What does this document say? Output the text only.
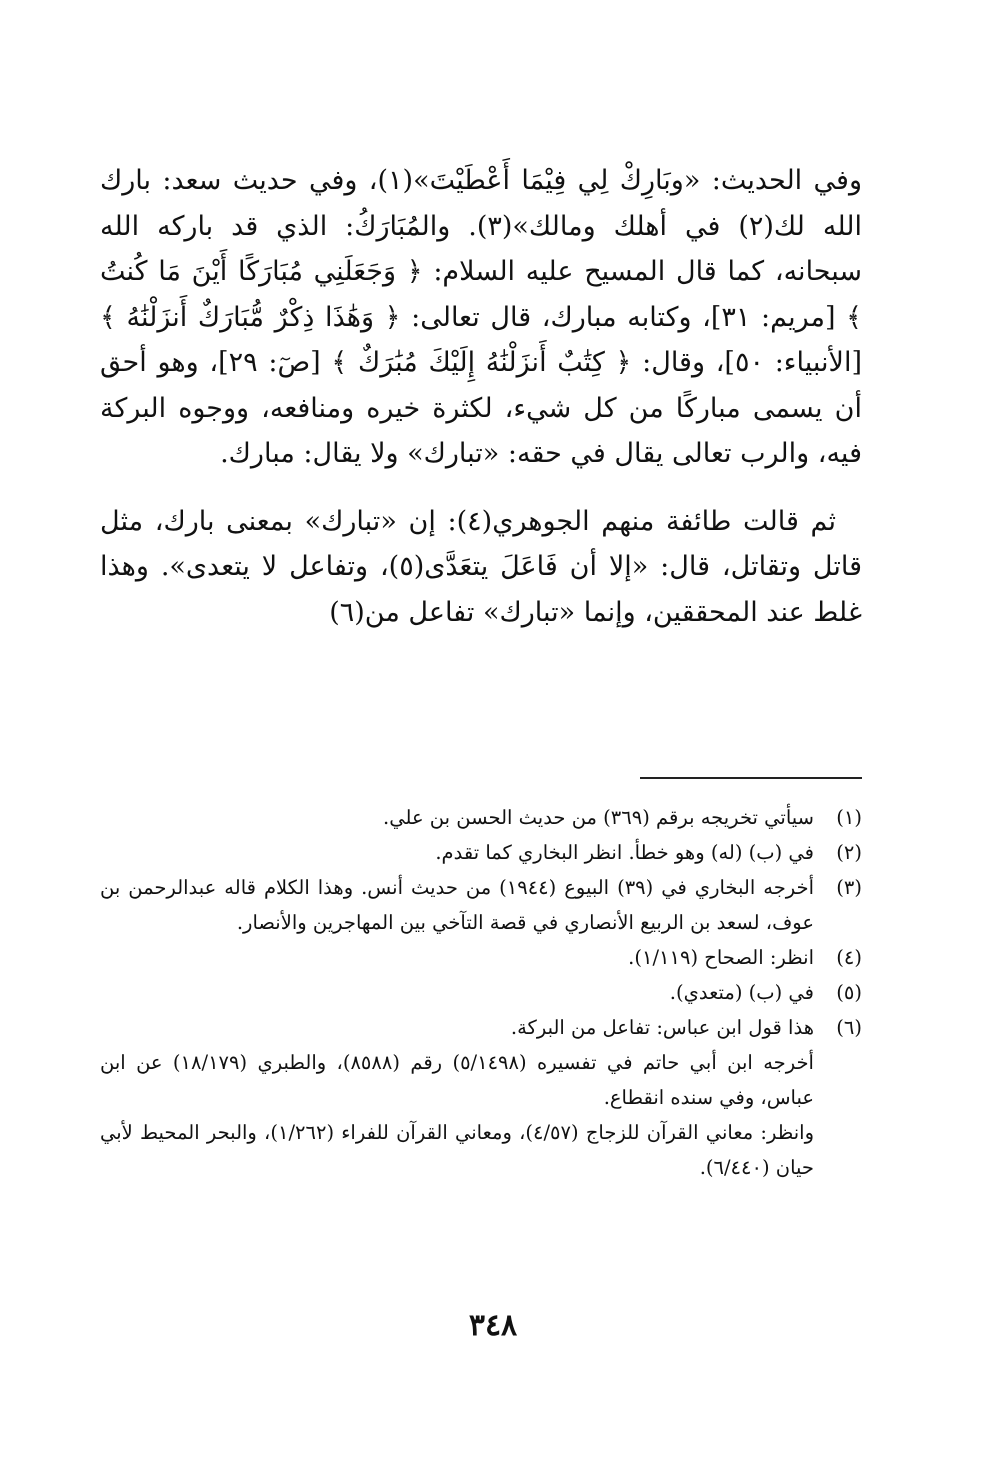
وفي الحديث: «وبَارِكْ لِي فِيْمَا أَعْطَيْتَ»(١)، وفي حديث سعد: بارك الله لك(٢) في أهلك ومالك»(٣). والمُبَارَكُ: الذي قد باركه الله سبحانه، كما قال المسيح عليه السلام: ﴿ وَجَعَلَنِي مُبَارَكًا أَيْنَ مَا كُنتُ ﴾ [مريم: ٣١]، وكتابه مبارك، قال تعالى: ﴿ وَهَٰذَا ذِكْرٌ مُّبَارَكٌ أَنزَلْنَٰهُ ﴾ [الأنبياء: ٥٠]، وقال: ﴿ كِتَٰبٌ أَنزَلْنَٰهُ إِلَيْكَ مُبَٰرَكٌ ﴾ [صٓ: ٢٩]، وهو أحق أن يسمى مباركًا من كل شيء، لكثرة خيره ومنافعه، ووجوه البركة فيه، والرب تعالى يقال في حقه: «تبارك» ولا يقال: مبارك.

ثم قالت طائفة منهم الجوهري(٤): إن «تبارك» بمعنى بارك، مثل قاتل وتقاتل، قال: «إلا أن فَاعَلَ يتعَدَّى(٥)، وتفاعل لا يتعدى». وهذا غلط عند المحققين، وإنما «تبارك» تفاعل من(٦)

(١)
سيأتي تخريجه برقم (٣٦٩) من حديث الحسن بن علي.
(٢)
في (ب) (له) وهو خطأ. انظر البخاري كما تقدم.
(٣)
أخرجه البخاري في (٣٩) البيوع (١٩٤٤) من حديث أنس. وهذا الكلام قاله عبدالرحمن بن عوف، لسعد بن الربيع الأنصاري في قصة التآخي بين المهاجرين والأنصار.
(٤)
انظر: الصحاح (١/١١٩).
(٥)
في (ب) (متعدي).
(٦)
هذا قول ابن عباس: تفاعل من البركة.
أخرجه ابن أبي حاتم في تفسيره (٥/١٤٩٨) رقم (٨٥٨٨)، والطبري (١٨/١٧٩) عن ابن عباس، وفي سنده انقطاع.
وانظر: معاني القرآن للزجاج (٤/٥٧)، ومعاني القرآن للفراء (١/٢٦٢)، والبحر المحيط لأبي حيان (٦/٤٤٠).
٣٤٨
